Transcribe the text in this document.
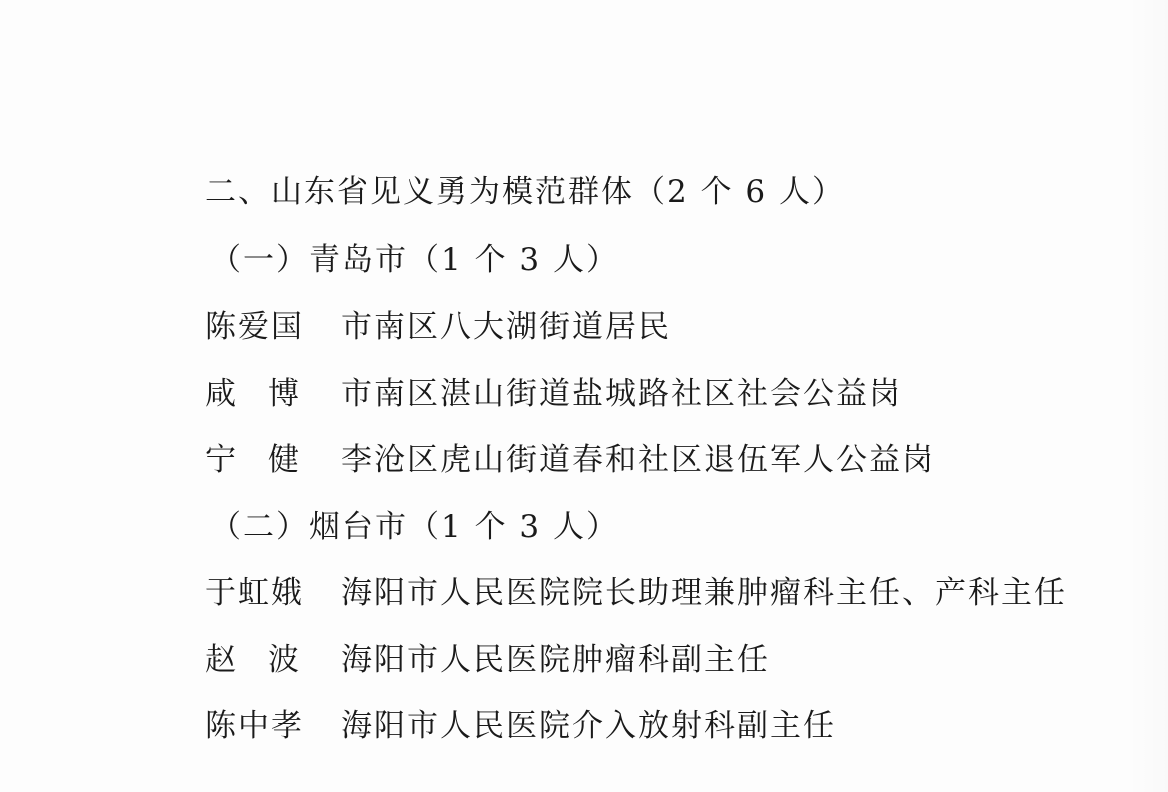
二、山东省见义勇为模范群体（2 个 6 人）
（一）青岛市（1 个 3 人）
陈爱国 市南区八大湖街道居民
咸博 市南区湛山街道盐城路社区社会公益岗
宁健 李沧区虎山街道春和社区退伍军人公益岗
（二）烟台市（1 个 3 人）
于虹娥 海阳市人民医院院长助理兼肿瘤科主任、产科主任
赵波 海阳市人民医院肿瘤科副主任
陈中孝 海阳市人民医院介入放射科副主任
